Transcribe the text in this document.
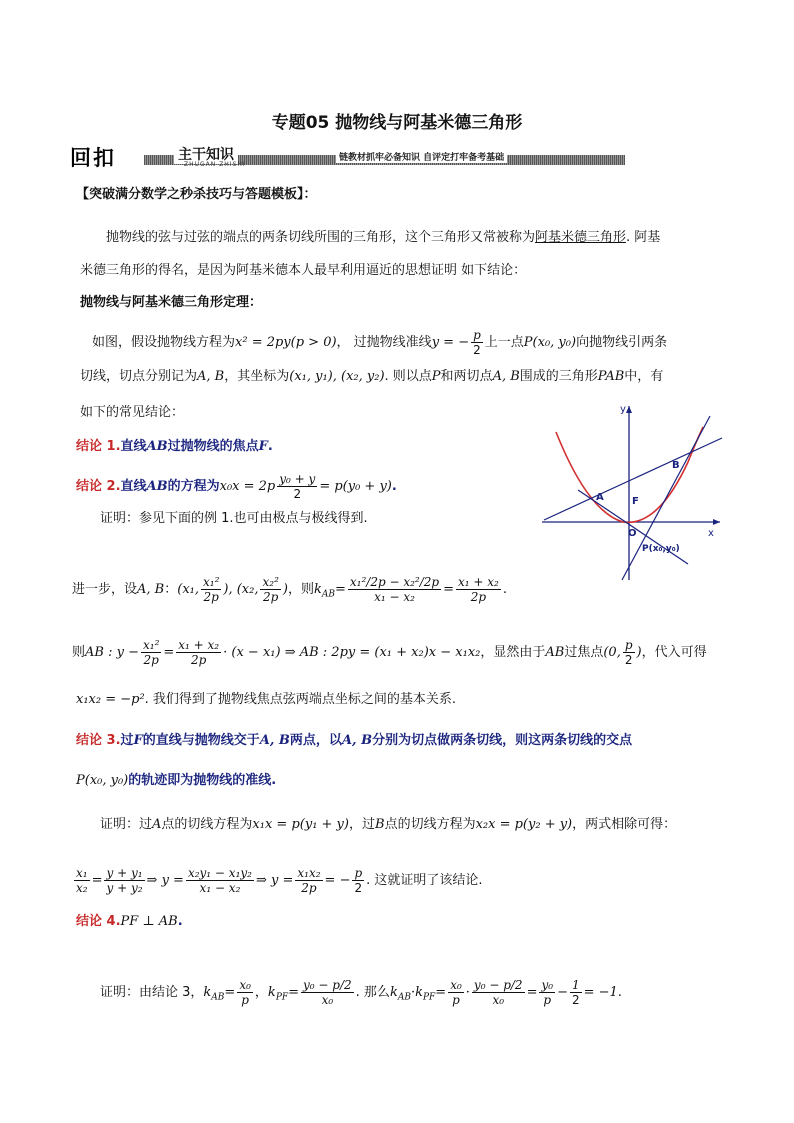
专题05 抛物线与阿基米德三角形
回扣	主干知识
ZHUGAN ZHISHI
链教材抓牢必备知识 自评定打牢备考基础
【突破满分数学之秒杀技巧与答题模板】：
抛物线的弦与过弦的端点的两条切线所围的三角形，这个三角形又常被称为阿基米德三角形. 阿基
米德三角形的得名，是因为阿基米德本人最早利用逼近的思想证明 如下结论：
抛物线与阿基米德三角形定理：
如图，假设抛物线方程为x² = 2py(p > 0)， 过抛物线准线y = − $\frac{p}{2}$ 上一点P(x₀, y₀)向抛物线引两条
切线，切点分别记为A, B，其坐标为(x₁, y₁), (x₂, y₂). 则以点P和两切点A, B围成的三角形PAB中，有
如下的常见结论：
结论 1.直线AB过抛物线的焦点F.
结论 2.直线AB的方程为$x_0x = 2p \frac{\text{y₀ + y}}{2} = p(y_0 + y)$.
证明：参见下面的例 1.也可由极点与极线得到.
进一步，设A, B：(x₁, $\frac{\text{x₁²}}{2p}$ ), (x₂, $\frac{\text{x₂²}}{2p}$ )，则$k_{AB}= \frac{\text{x₁²/2p − x₂²/2p}}{\text{x₁ − x₂}} = \frac{\text{x₁ + x₂}}{2p}$ .
则AB : $y - \frac{\text{x₁²}}{2p} = \frac{\text{x₁ + x₂}}{2p} \cdot (x - x_1)$ ⇒ AB : 2py = (x₁ + x₂)x − x₁x₂，显然由于AB过焦点(0, $\frac{p}{2}$ )，代入可得
x₁x₂ = −p². 我们得到了抛物线焦点弦两端点坐标之间的基本关系.
结论 3.过F的直线与抛物线交于A, B两点，以A, B分别为切点做两条切线，则这两条切线的交点
P(x₀, y₀)的轨迹即为抛物线的准线.
证明：过A点的切线方程为x₁x = p(y₁ + y)，过B点的切线方程为x₂x = p(y₂ + y)，两式相除可得：
$\frac{\text{x₁}}{\text{x₂}} = \frac{\text{y + y₁}}{\text{y + y₂}}$ ⇒ $y = \frac{\text{x₂y₁ − x₁y₂}}{\text{x₁ − x₂}}$ ⇒ $y = \frac{\text{x₁x₂}}{2p}$ = − $\frac{p}{2}$ . 这就证明了该结论.
结论 4.PF ⊥ AB.
证明：由结论 3，$k_{AB}= \frac{\text{x₀}}{p}$ ，$k_{PF}= \frac{\text{y₀ − p/2}}{\text{x₀}}$ . 那么$k_{AB}\cdot k_{PF}= \frac{\text{x₀}}{p} \cdot \frac{\text{y₀ − p/2}}{\text{x₀}} = \frac{\text{y₀}}{p} - \frac{1}{2} = -1$.
y
x
A
B
F
O
P(x₀,y₀)
